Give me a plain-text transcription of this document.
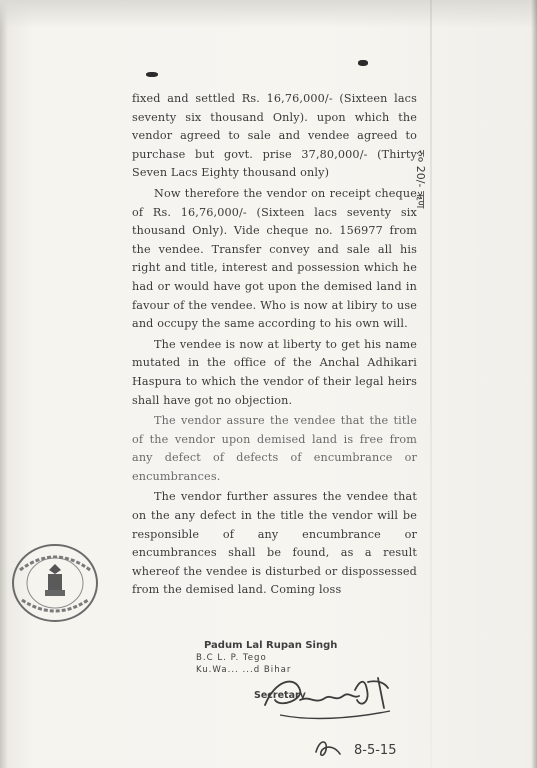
fixed and settled Rs. 16,76,000/- (Sixteen lacs seventy six thousand Only). upon which the vendor agreed to sale and vendee agreed to purchase but govt. prise 37,80,000/- (Thirty Seven Lacs Eighty thousand only)

Now therefore the vendor on receipt cheque of Rs. 16,76,000/- (Sixteen lacs seventy six thousand Only). Vide cheque no. 156977 from the vendee. Transfer convey and sale all his right and title, interest and possession which he had or would have got upon the demised land in favour of the vendee. Who is now at libiry to use and occupy the same according to his own will.

The vendee is now at liberty to get his name mutated in the office of the Anchal Adhikari Haspura to which the vendor of their legal heirs shall have got no objection.

The vendor assure the vendee that the title of the vendor upon demised land is free from any defect of defects of encumbrance or encumbrances.

The vendor further assures the vendee that on the any defect in the title the vendor will be responsible of any encumbrance or encumbrances shall be found, as a result whereof the vendee is disturbed or dispossessed from the demised land. Coming loss

रु० 20/- ऋण
Padum Lal Rupan Singh
B.C L. P. Tego
Ku.Wa... ...d Bihar
Secretary
8-5-15
